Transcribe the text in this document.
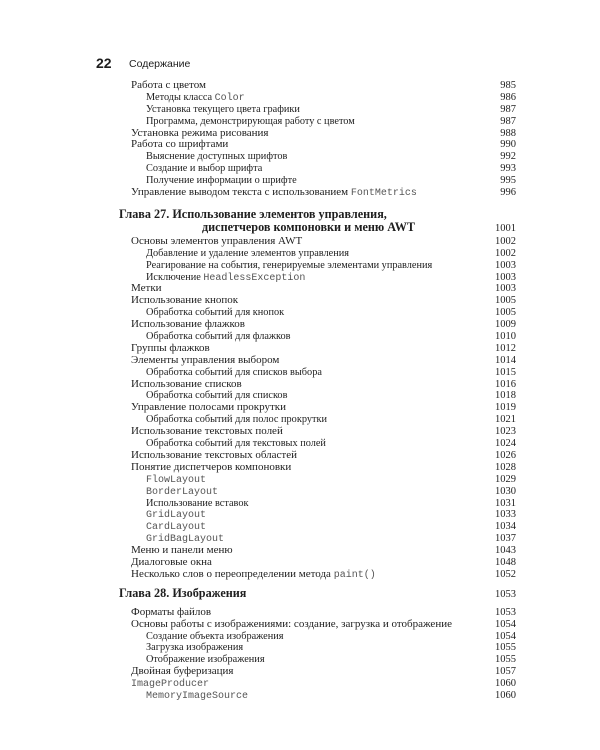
22 Содержание
Работа с цветом	985
Методы класса Color	986
Установка текущего цвета графики	987
Программа, демонстрирующая работу с цветом	987
Установка режима рисования	988
Работа со шрифтами	990
Выяснение доступных шрифтов	992
Создание и выбор шрифта	993
Получение информации о шрифте	995
Управление выводом текста с использованием FontMetrics	996
Глава 27. Использование элементов управления,
диспетчеров компоновки и меню AWT	1001
Основы элементов управления AWT	1002
Добавление и удаление элементов управления	1002
Реагирование на события, генерируемые элементами управления	1003
Исключение HeadlessException	1003
Метки	1003
Использование кнопок	1005
Обработка событий для кнопок	1005
Использование флажков	1009
Обработка событий для флажков	1010
Группы флажков	1012
Элементы управления выбором	1014
Обработка событий для списков выбора	1015
Использование списков	1016
Обработка событий для списков	1018
Управление полосами прокрутки	1019
Обработка событий для полос прокрутки	1021
Использование текстовых полей	1023
Обработка событий для текстовых полей	1024
Использование текстовых областей	1026
Понятие диспетчеров компоновки	1028
FlowLayout	1029
BorderLayout	1030
Использование вставок	1031
GridLayout	1033
CardLayout	1034
GridBagLayout	1037
Меню и панели меню	1043
Диалоговые окна	1048
Несколько слов о переопределении метода paint()	1052
Глава 28. Изображения	1053
Форматы файлов	1053
Основы работы с изображениями: создание, загрузка и отображение	1054
Создание объекта изображения	1054
Загрузка изображения	1055
Отображение изображения	1055
Двойная буферизация	1057
ImageProducer	1060
MemoryImageSource	1060
